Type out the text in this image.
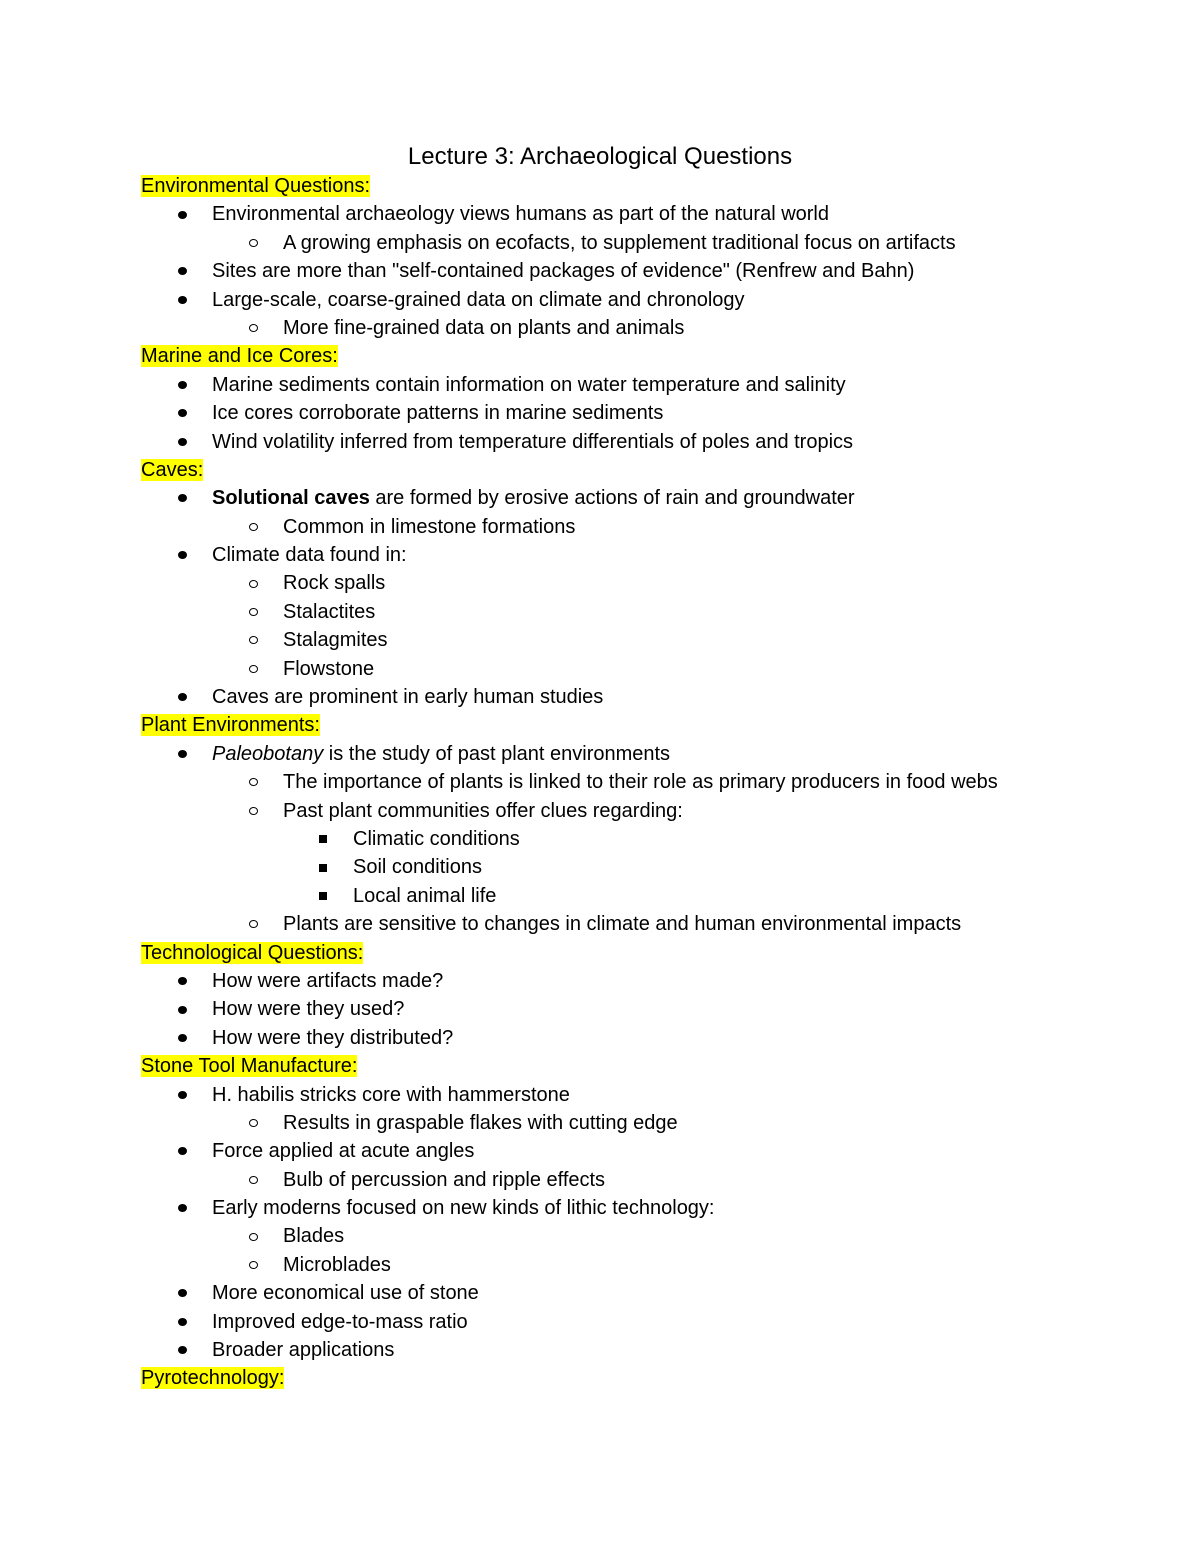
Lecture 3: Archaeological Questions
Environmental Questions:
Environmental archaeology views humans as part of the natural world
A growing emphasis on ecofacts, to supplement traditional focus on artifacts
Sites are more than "self-contained packages of evidence" (Renfrew and Bahn)
Large-scale, coarse-grained data on climate and chronology
More fine-grained data on plants and animals
Marine and Ice Cores:
Marine sediments contain information on water temperature and salinity
Ice cores corroborate patterns in marine sediments
Wind volatility inferred from temperature differentials of poles and tropics
Caves:
Solutional caves are formed by erosive actions of rain and groundwater
Common in limestone formations
Climate data found in:
Rock spalls
Stalactites
Stalagmites
Flowstone
Caves are prominent in early human studies
Plant Environments:
Paleobotany is the study of past plant environments
The importance of plants is linked to their role as primary producers in food webs
Past plant communities offer clues regarding:
Climatic conditions
Soil conditions
Local animal life
Plants are sensitive to changes in climate and human environmental impacts
Technological Questions:
How were artifacts made?
How were they used?
How were they distributed?
Stone Tool Manufacture:
H. habilis stricks core with hammerstone
Results in graspable flakes with cutting edge
Force applied at acute angles
Bulb of percussion and ripple effects
Early moderns focused on new kinds of lithic technology:
Blades
Microblades
More economical use of stone
Improved edge-to-mass ratio
Broader applications
Pyrotechnology:
